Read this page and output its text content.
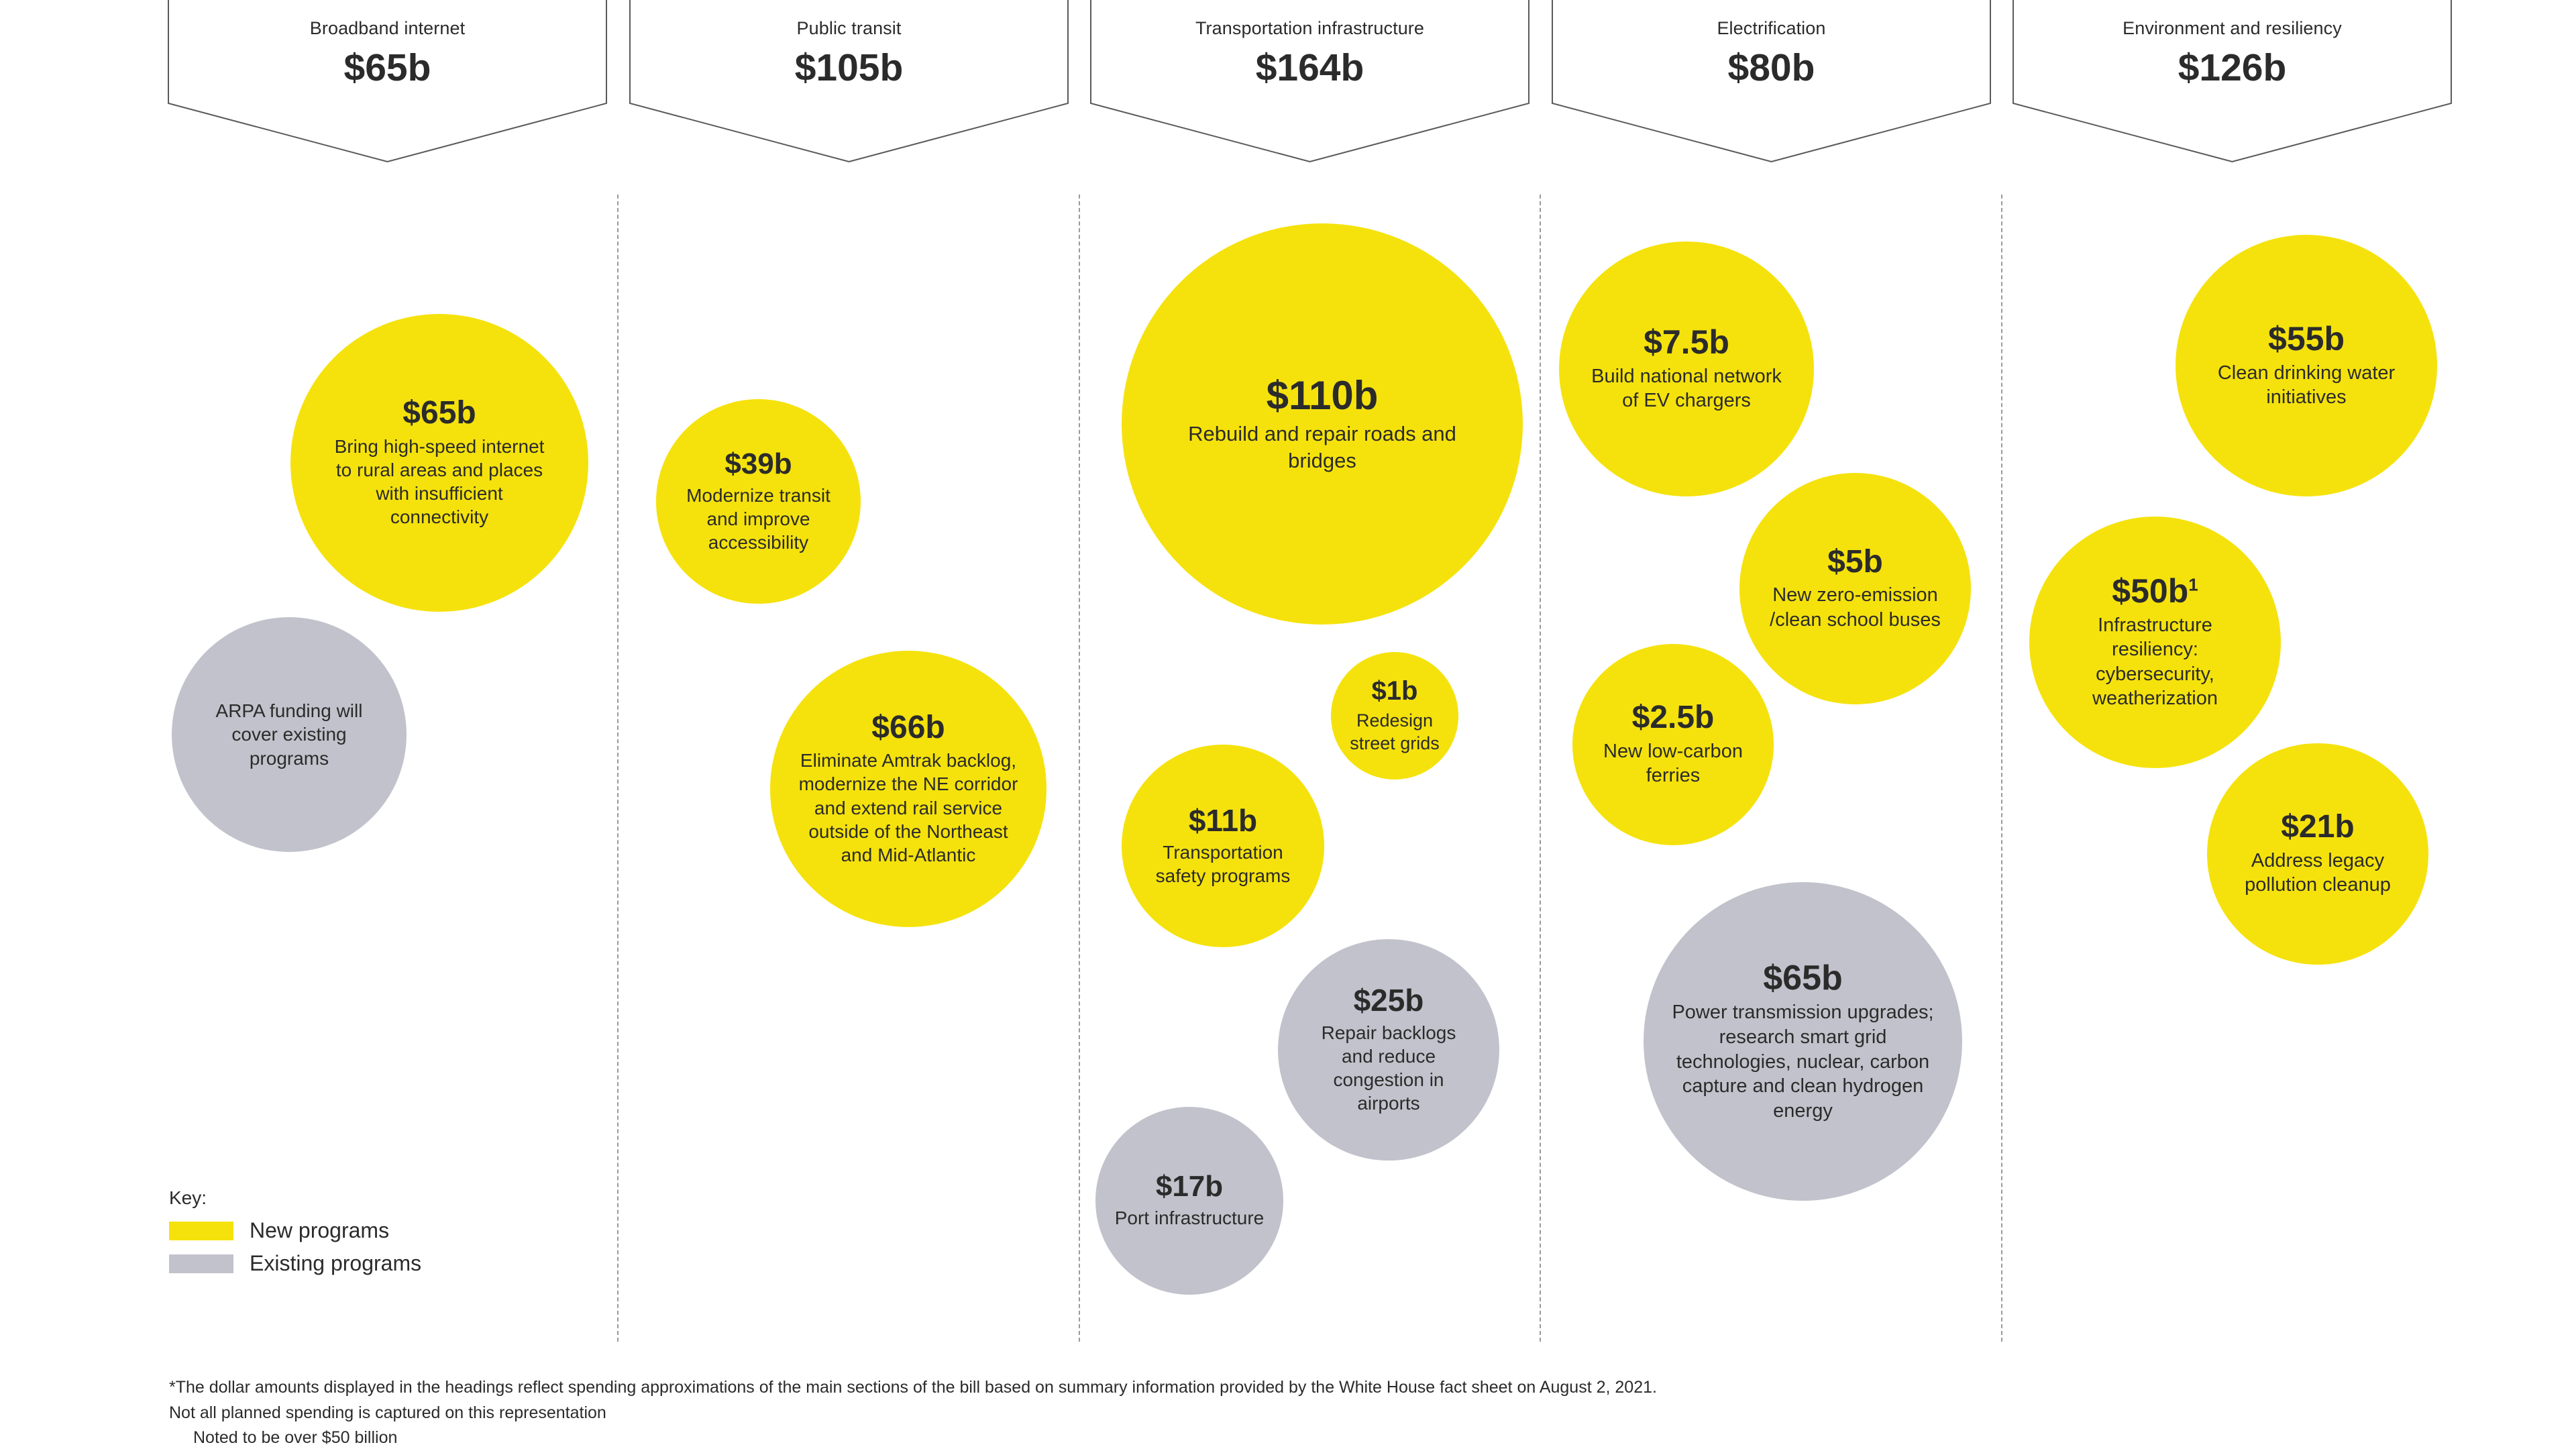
Broadband internet
$65b
$65b
Bring high-speed internet to rural areas and places with insufficient connectivity
ARPA funding will cover existing programs
Public transit
$105b
$39b
Modernize transit and improve accessibility
$66b
Eliminate Amtrak backlog, modernize the NE corridor and extend rail service outside of the Northeast and Mid-Atlantic
Transportation infrastructure
$164b
$110b
Rebuild and repair roads and bridges
$1b
Redesign street grids
$11b
Transportation safety programs
$25b
Repair backlogs and reduce congestion in airports
$17b
Port infrastructure
Electrification
$80b
$7.5b
Build national network of EV chargers
$5b
New zero-emission /clean school buses
$2.5b
New low-carbon ferries
$65b
Power transmission upgrades; research smart grid technologies, nuclear, carbon capture and clean hydrogen energy
Environment and resiliency
$126b
$55b
Clean drinking water initiatives
$\$50b^1$
Infrastructure resiliency: cybersecurity, weatherization
$21b
Address legacy pollution cleanup
Key:
New programs
Existing programs
*The dollar amounts displayed in the headings reflect spending approximations of the main sections of the bill based on summary information provided by the White House fact sheet on August 2, 2021.
Not all planned spending is captured on this representation
Noted to be over $50 billion
